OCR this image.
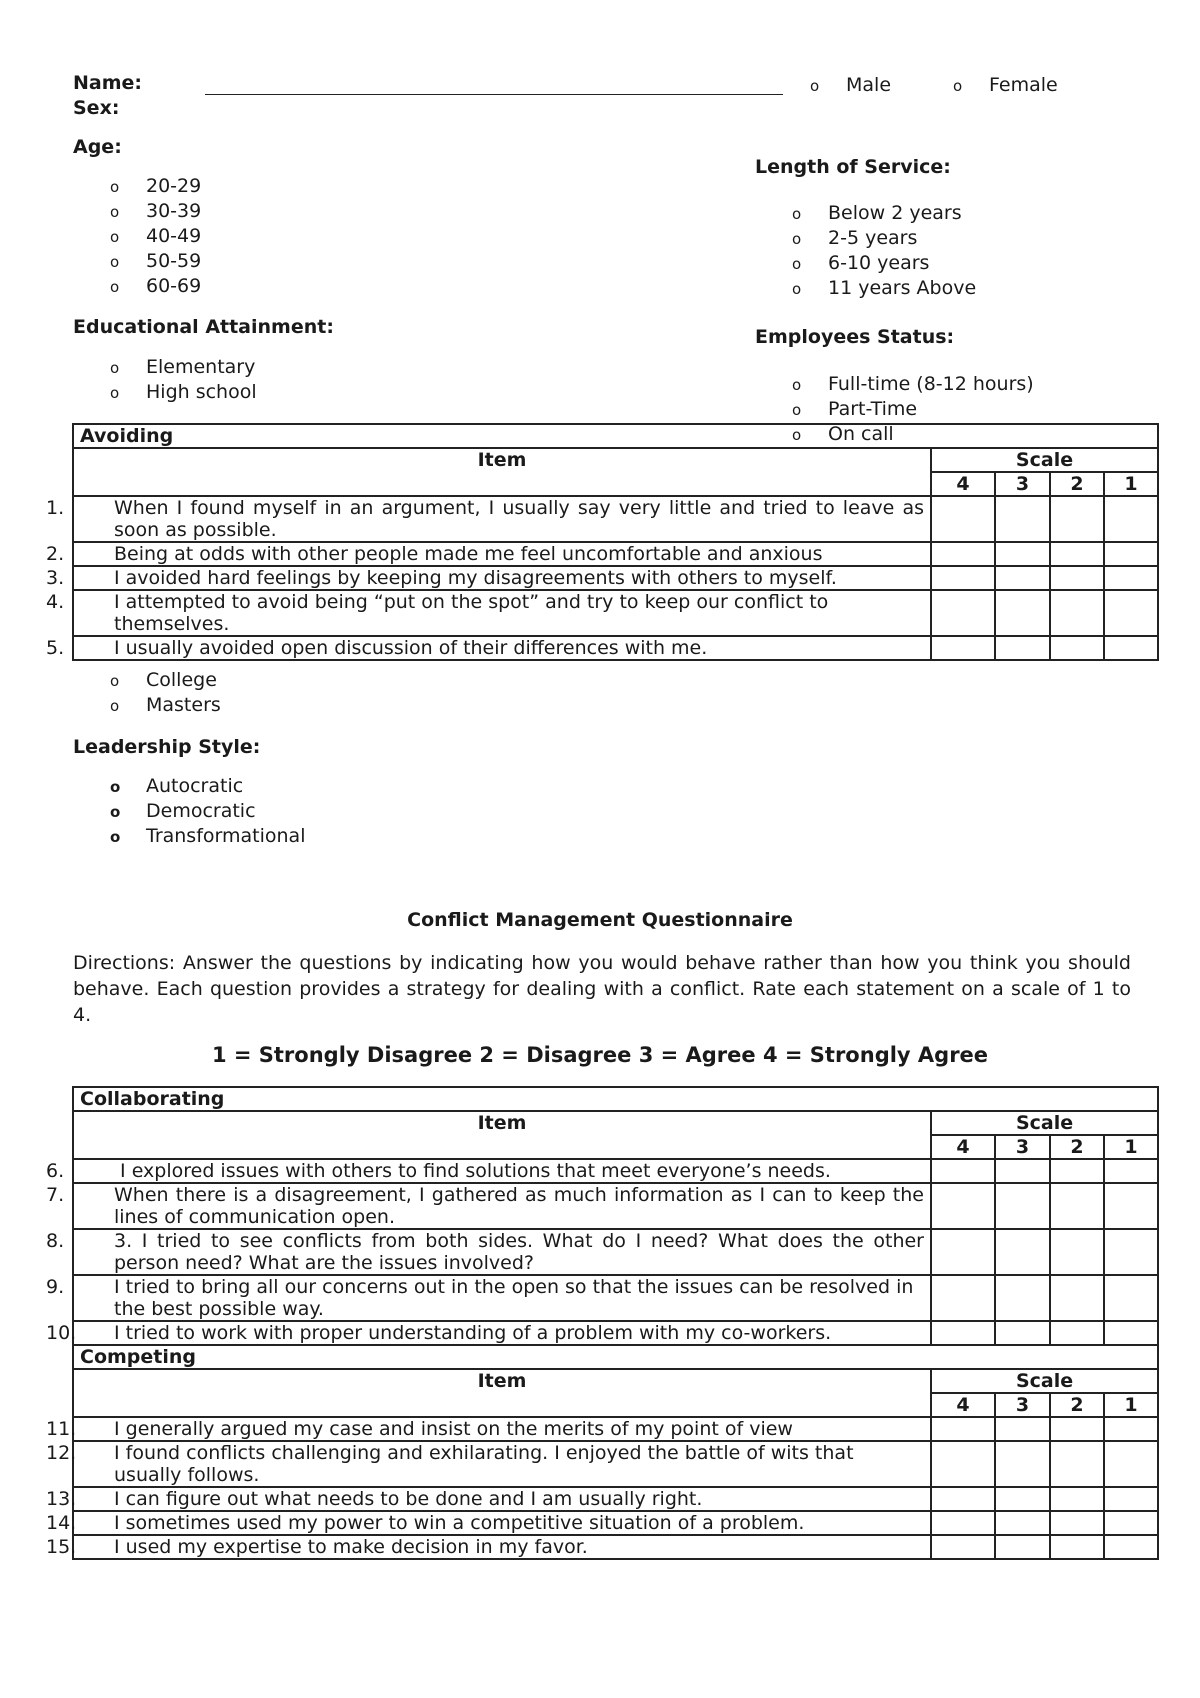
Name:
Sex:
o Male	o Female
Age:
o 20-29
o 30-39
o 40-49
o 50-59
o 60-69
Educational Attainment:
o Elementary
o High school
Length of Service:
o Below 2 years
o 2-5 years
o 6-10 years
o 11 years Above
Employees Status:
o Full-time (8-12 hours)
Avoiding				
Item	Scale			
	4	3	2	1

1. When I found myself in an argument, I usually say very little and tried to leave as soon as possible.				

2. Being at odds with other people made me feel uncomfortable and anxious				

3. I avoided hard feelings by keeping my disagreements with others to myself.				

4. I attempted to avoid being “put on the spot” and try to keep our conflict to themselves.				

5. I usually avoided open discussion of their differences with me.				

o Part-Time
o On call
o College
o Masters
Leadership Style:
o Autocratic
o Democratic
o Transformational
Conflict Management Questionnaire
Directions: Answer the questions by indicating how you would behave rather than how you think you should behave. Each question provides a strategy for dealing with a conflict. Rate each statement on a scale of 1 to 4.
1 = Strongly Disagree 2 = Disagree 3 = Agree 4 = Strongly Agree
Collaborating				
Item	Scale			
	4	3	2	1

6. I explored issues with others to find solutions that meet everyone’s needs.				

7. When there is a disagreement, I gathered as much information as I can to keep the lines of communication open.				

8. 3. I tried to see conflicts from both sides. What do I need? What does the other person need? What are the issues involved?				

9. I tried to bring all our concerns out in the open so that the issues can be resolved in the best possible way.				

10. I tried to work with proper understanding of a problem with my co-workers.				

Competing				
Item	Scale			
	4	3	2	1

11. I generally argued my case and insist on the merits of my point of view				

12. I found conflicts challenging and exhilarating. I enjoyed the battle of wits that usually follows.				

13. I can figure out what needs to be done and I am usually right.				

14. I sometimes used my power to win a competitive situation of a problem.				

15. I used my expertise to make decision in my favor.				
